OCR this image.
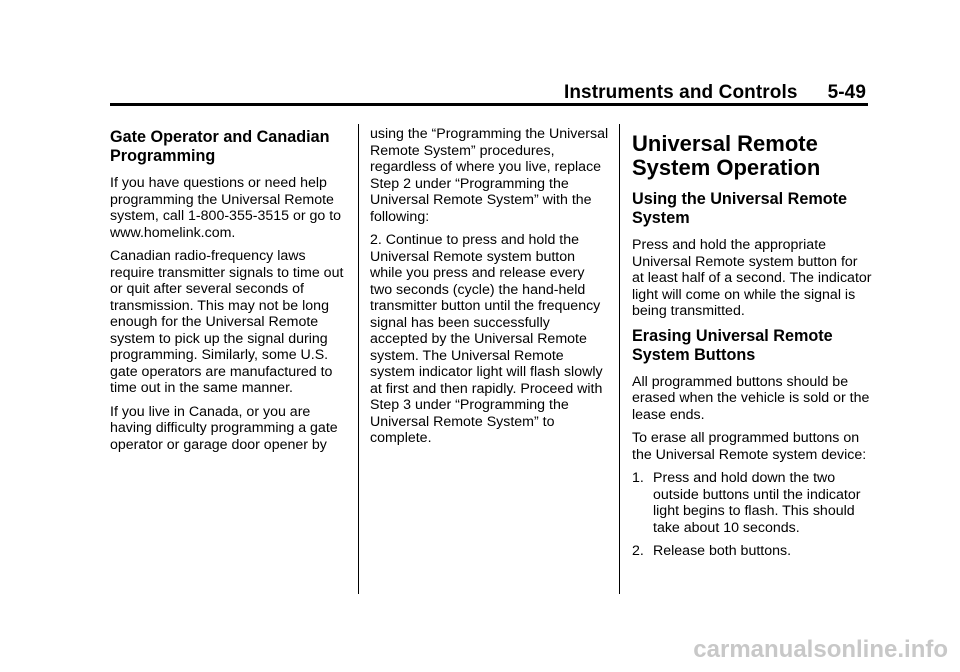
Instruments and Controls 5-49
Gate Operator and Canadian Programming

If you have questions or need help programming the Universal Remote system, call 1-800-355-3515 or go to www.homelink.com.

Canadian radio-frequency laws require transmitter signals to time out or quit after several seconds of transmission. This may not be long enough for the Universal Remote system to pick up the signal during programming. Similarly, some U.S. gate operators are manufactured to time out in the same manner.

If you live in Canada, or you are having difficulty programming a gate operator or garage door opener by

using the “Programming the Universal Remote System” procedures, regardless of where you live, replace Step 2 under “Programming the Universal Remote System” with the following:

2. Continue to press and hold the Universal Remote system button while you press and release every two seconds (cycle) the hand-held transmitter button until the frequency signal has been successfully accepted by the Universal Remote system. The Universal Remote system indicator light will flash slowly at first and then rapidly. Proceed with Step 3 under “Programming the Universal Remote System” to complete.

Universal Remote System Operation
Using the Universal Remote System

Press and hold the appropriate Universal Remote system button for at least half of a second. The indicator light will come on while the signal is being transmitted.

Erasing Universal Remote System Buttons

All programmed buttons should be erased when the vehicle is sold or the lease ends.

To erase all programmed buttons on the Universal Remote system device:

1. Press and hold down the two outside buttons until the indicator light begins to flash. This should take about 10 seconds.
2. Release both buttons.
carmanualsonline.info
